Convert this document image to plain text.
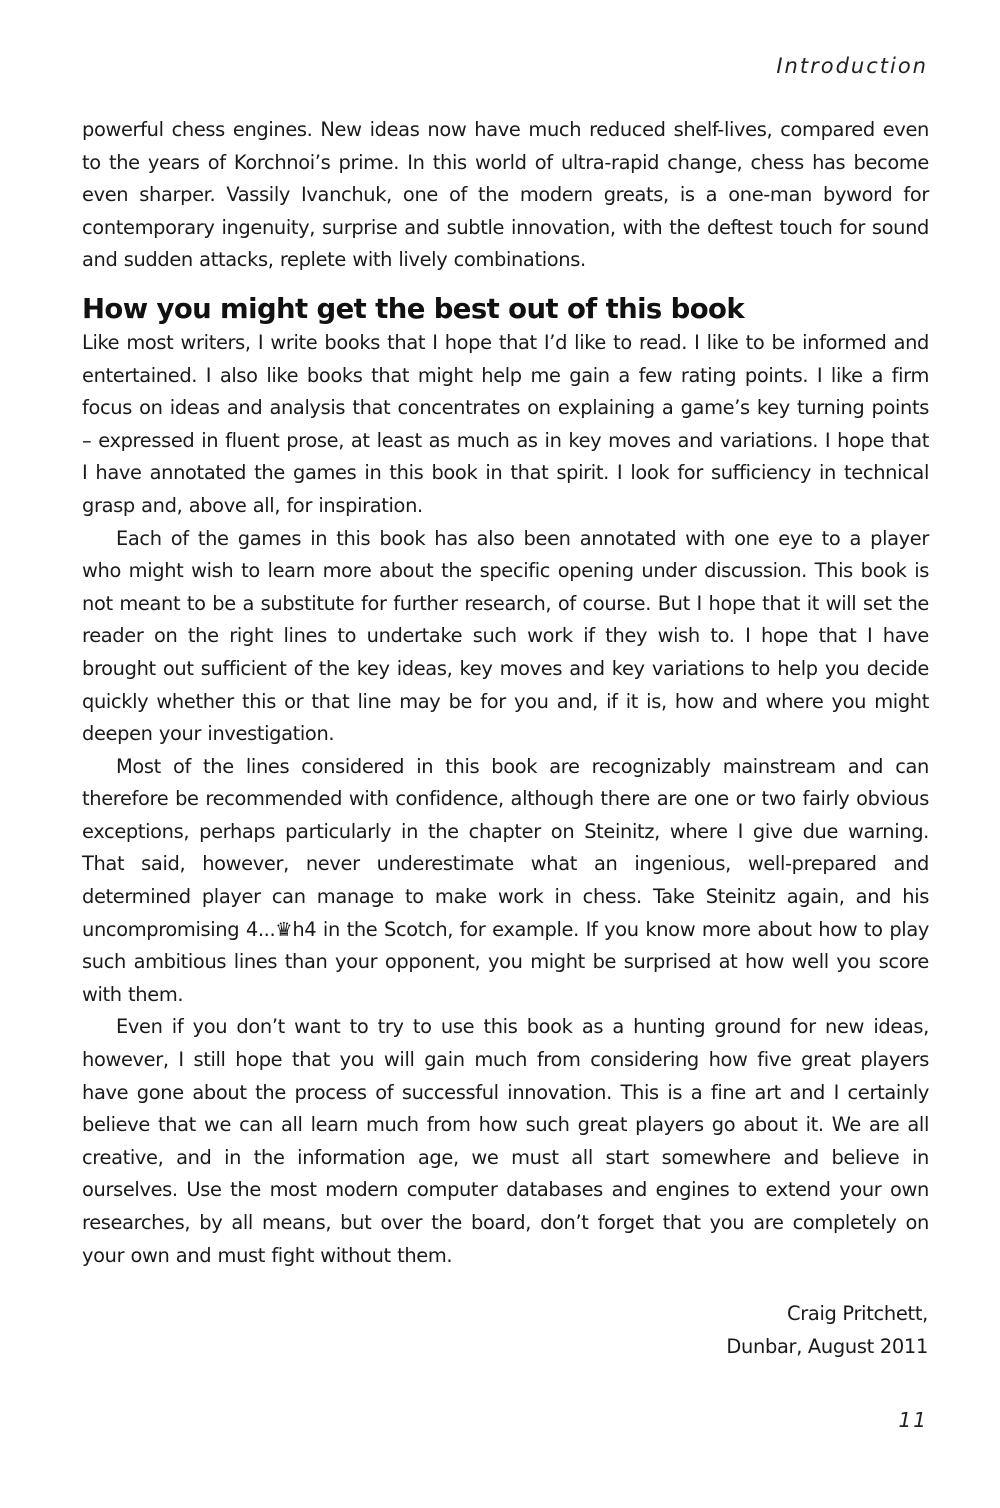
Introduction

powerful chess engines. New ideas now have much reduced shelf-lives, compared even to the years of Korchnoi’s prime. In this world of ultra-rapid change, chess has become even sharper. Vassily Ivanchuk, one of the modern greats, is a one-man byword for contemporary ingenuity, surprise and subtle innovation, with the deftest touch for sound and sudden attacks, replete with lively combinations.

How you might get the best out of this book

Like most writers, I write books that I hope that I’d like to read. I like to be informed and entertained. I also like books that might help me gain a few rating points. I like a firm focus on ideas and analysis that concentrates on explaining a game’s key turning points – expressed in fluent prose, at least as much as in key moves and variations. I hope that I have annotated the games in this book in that spirit. I look for sufficiency in technical grasp and, above all, for inspiration.

Each of the games in this book has also been annotated with one eye to a player who might wish to learn more about the specific opening under discussion. This book is not meant to be a substitute for further research, of course. But I hope that it will set the reader on the right lines to undertake such work if they wish to. I hope that I have brought out sufficient of the key ideas, key moves and key variations to help you decide quickly whether this or that line may be for you and, if it is, how and where you might deepen your investigation.

Most of the lines considered in this book are recognizably mainstream and can therefore be recommended with confidence, although there are one or two fairly obvious exceptions, perhaps particularly in the chapter on Steinitz, where I give due warning. That said, however, never underestimate what an ingenious, well-prepared and determined player can manage to make work in chess. Take Steinitz again, and his uncompromising 4...♛h4 in the Scotch, for example. If you know more about how to play such ambitious lines than your opponent, you might be surprised at how well you score with them.

Even if you don’t want to try to use this book as a hunting ground for new ideas, however, I still hope that you will gain much from considering how five great players have gone about the process of successful innovation. This is a fine art and I certainly believe that we can all learn much from how such great players go about it. We are all creative, and in the information age, we must all start somewhere and believe in ourselves. Use the most modern computer databases and engines to extend your own researches, by all means, but over the board, don’t forget that you are completely on your own and must fight without them.

Craig Pritchett,
Dunbar, August 2011
11
